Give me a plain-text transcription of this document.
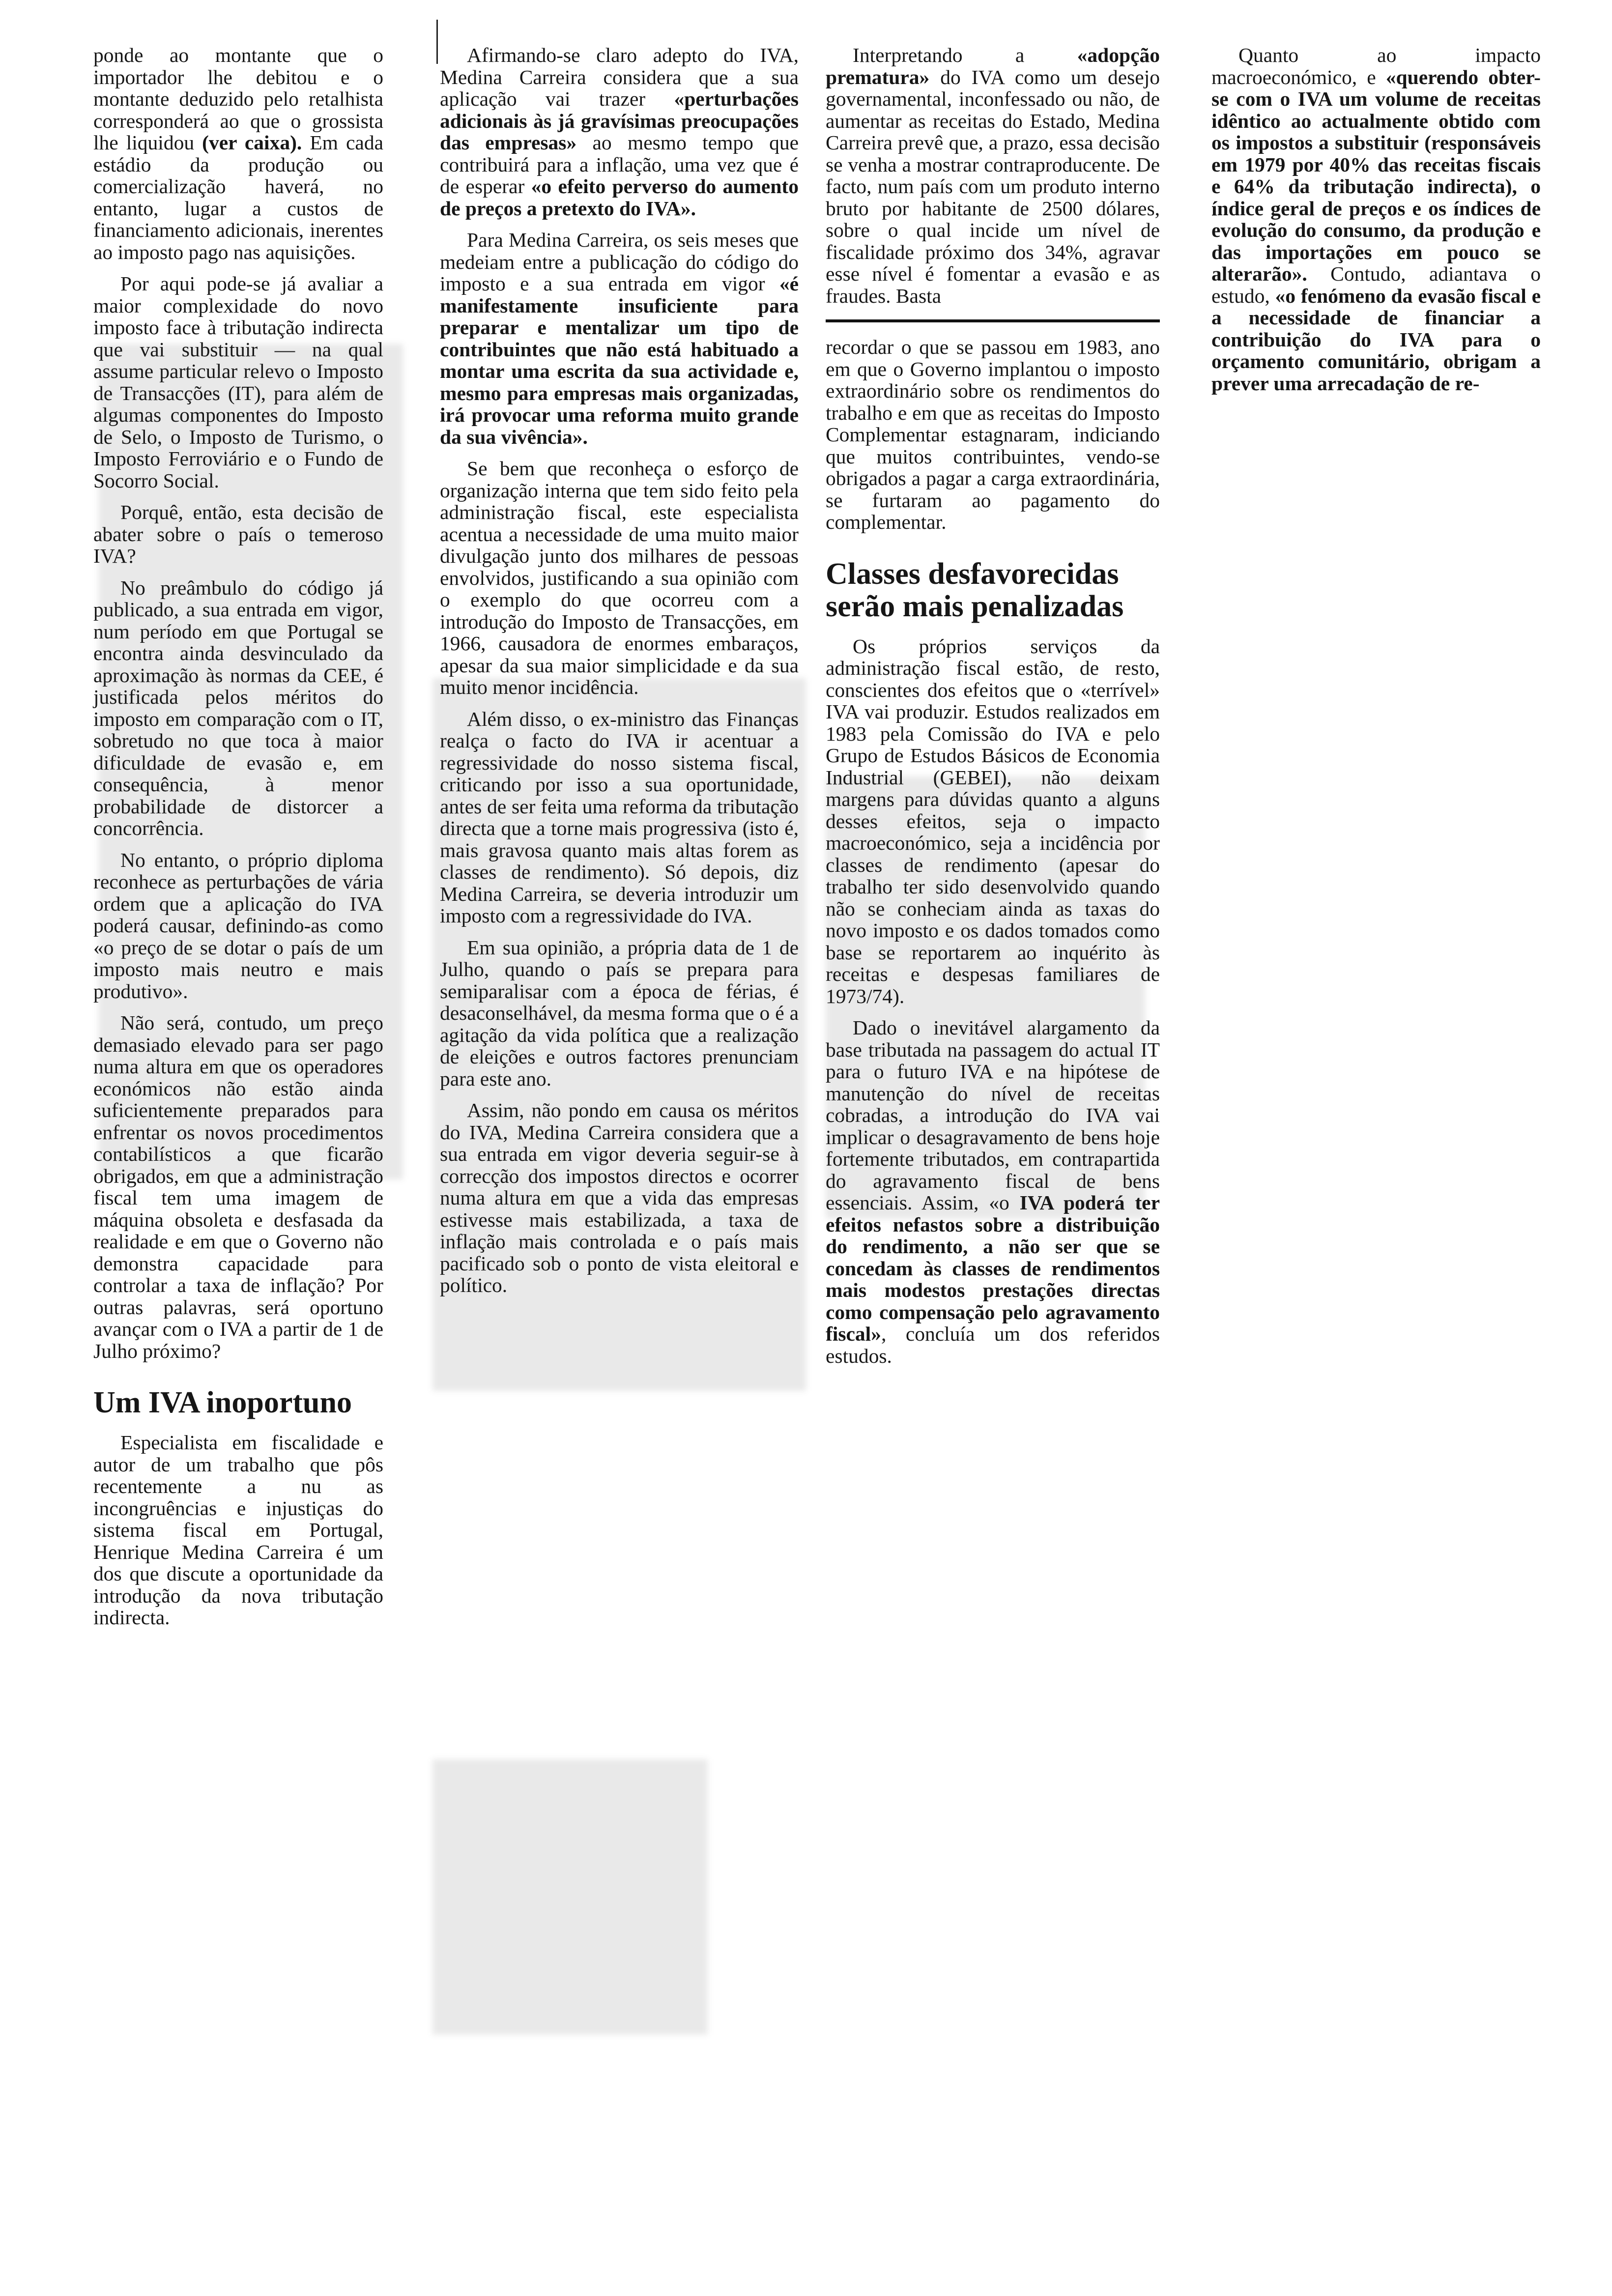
ponde ao montante que o importador lhe debitou e o montante deduzido pelo retalhista corresponderá ao que o grossista lhe liquidou (ver caixa). Em cada estádio da produção ou comercialização haverá, no entanto, lugar a custos de financiamento adicionais, inerentes ao imposto pago nas aquisições.

Por aqui pode-se já avaliar a maior complexidade do novo imposto face à tributação indirecta que vai substituir — na qual assume particular relevo o Imposto de Transacções (IT), para além de algumas componentes do Imposto de Selo, o Imposto de Turismo, o Imposto Ferroviário e o Fundo de Socorro Social.

Porquê, então, esta decisão de abater sobre o país o temeroso IVA?

No preâmbulo do código já publicado, a sua entrada em vigor, num período em que Portugal se encontra ainda desvinculado da aproximação às normas da CEE, é justificada pelos méritos do imposto em comparação com o IT, sobretudo no que toca à maior dificuldade de evasão e, em consequência, à menor probabilidade de distorcer a concorrência.

No entanto, o próprio diploma reconhece as perturbações de vária ordem que a aplicação do IVA poderá causar, definindo-as como «o preço de se dotar o país de um imposto mais neutro e mais produtivo».

Não será, contudo, um preço demasiado elevado para ser pago numa altura em que os operadores económicos não estão ainda suficientemente preparados para enfrentar os novos procedimentos contabilísticos a que ficarão obrigados, em que a administração fiscal tem uma imagem de máquina obsoleta e desfasada da realidade e em que o Governo não demonstra capacidade para controlar a taxa de inflação? Por outras palavras, será oportuno avançar com o IVA a partir de 1 de Julho próximo?

Um IVA inoportuno

Especialista em fiscalidade e autor de um trabalho que pôs recentemente a nu as incongruências e injustiças do sistema fiscal em Portugal, Henrique Medina Carreira é um dos que discute a oportunidade da introdução da nova tributação indirecta.

Afirmando-se claro adepto do IVA, Medina Carreira considera que a sua aplicação vai trazer «perturbações adicionais às já gravísimas preocupações das empresas» ao mesmo tempo que contribuirá para a inflação, uma vez que é de esperar «o efeito perverso do aumento de preços a pretexto do IVA».

Para Medina Carreira, os seis meses que medeiam entre a publicação do código do imposto e a sua entrada em vigor «é manifestamente insuficiente para preparar e mentalizar um tipo de contribuintes que não está habituado a montar uma escrita da sua actividade e, mesmo para empresas mais organizadas, irá provocar uma reforma muito grande da sua vivência».

Se bem que reconheça o esforço de organização interna que tem sido feito pela administração fiscal, este especialista acentua a necessidade de uma muito maior divulgação junto dos milhares de pessoas envolvidos, justificando a sua opinião com o exemplo do que ocorreu com a introdução do Imposto de Transacções, em 1966, causadora de enormes embaraços, apesar da sua maior simplicidade e da sua muito menor incidência.

Além disso, o ex-ministro das Finanças realça o facto do IVA ir acentuar a regressividade do nosso sistema fiscal, criticando por isso a sua oportunidade, antes de ser feita uma reforma da tributação directa que a torne mais progressiva (isto é, mais gravosa quanto mais altas forem as classes de rendimento). Só depois, diz Medina Carreira, se deveria introduzir um imposto com a regressividade do IVA.

Em sua opinião, a própria data de 1 de Julho, quando o país se prepara para semiparalisar com a época de férias, é desaconselhável, da mesma forma que o é a agitação da vida política que a realização de eleições e outros factores prenunciam para este ano.

Assim, não pondo em causa os méritos do IVA, Medina Carreira considera que a sua entrada em vigor deveria seguir-se à correcção dos impostos directos e ocorrer numa altura em que a vida das empresas estivesse mais estabilizada, a taxa de inflação mais controlada e o país mais pacificado sob o ponto de vista eleitoral e político.

Interpretando a	«adopção prematura» do IVA como um desejo governamental, inconfessado ou não, de aumentar as receitas do Estado, Medina Carreira prevê que, a prazo, essa decisão se venha a mostrar contraproducente. De facto, num país com um produto interno bruto por habitante de 2500 dólares, sobre o qual incide um nível de fiscalidade próximo dos 34%, agravar esse nível é fomentar a evasão e as fraudes. Basta

recordar o que se passou em 1983, ano em que o Governo implantou o imposto extraordinário sobre os rendimentos do trabalho e em que as receitas do Imposto Complementar estagnaram, indiciando que muitos contribuintes, vendo-se obrigados a pagar a carga extraordinária, se furtaram ao pagamento do complementar.

Classes desfavorecidas serão mais penalizadas

Os próprios serviços da administração fiscal estão, de resto, conscientes dos efeitos que o «terrível» IVA vai produzir. Estudos realizados em 1983 pela Comissão do IVA e pelo Grupo de Estudos Básicos de Economia Industrial (GEBEI), não deixam margens para dúvidas quanto a alguns desses efeitos, seja o impacto macroeconómico, seja a incidência por classes de rendimento (apesar do trabalho ter sido desenvolvido quando não se conheciam ainda as taxas do novo imposto e os dados tomados como base se reportarem ao inquérito às receitas e despesas familiares de 1973/74).

Dado o inevitável alargamento da base tributada na passagem do actual IT para o futuro IVA e na hipótese de manutenção do nível de receitas cobradas, a introdução do IVA vai implicar o desagravamento de bens hoje fortemente tributados, em contrapartida do agravamento fiscal de bens essenciais. Assim, «o IVA poderá ter efeitos nefastos sobre a distribuição do rendimento, a não ser que se concedam às classes de rendimentos mais modestos prestações directas como compensação pelo agravamento fiscal», concluía um dos referidos estudos.

Quanto ao impacto macroeconómico, e «querendo obter-se com o IVA um volume de receitas idêntico ao actualmente obtido com os impostos a substituir (responsáveis em 1979 por 40% das receitas fiscais e 64% da tributação indirecta), o índice geral de preços e os índices de evolução do consumo, da produção e das importações em pouco se alterarão». Contudo, adiantava o estudo, «o fenómeno da evasão fiscal e a necessidade de financiar a contribuição do IVA para o orçamento comunitário, obrigam a prever uma arrecadação de re-
